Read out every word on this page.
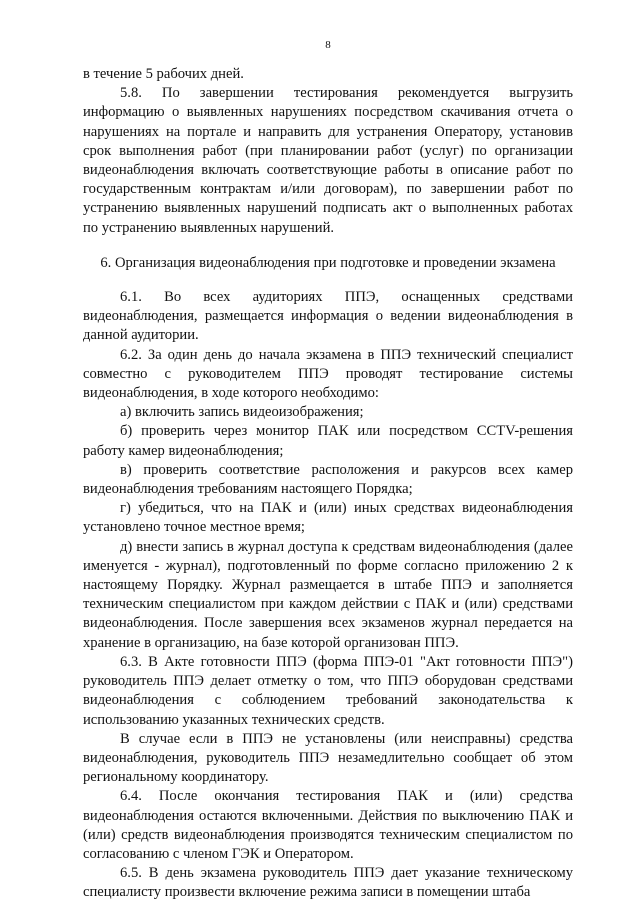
8

в течение 5 рабочих дней.

5.8. По завершении тестирования рекомендуется выгрузить информацию о выявленных нарушениях посредством скачивания отчета о нарушениях на портале и направить для устранения Оператору, установив срок выполнения работ (при планировании работ (услуг) по организации видеонаблюдения включать соответствующие работы в описание работ по государственным контрактам и/или договорам), по завершении работ по устранению выявленных нарушений подписать акт о выполненных работах по устранению выявленных нарушений.

6. Организация видеонаблюдения при подготовке и проведении экзамена

6.1. Во всех аудиториях ППЭ, оснащенных средствами видеонаблюдения, размещается информация о ведении видеонаблюдения в данной аудитории.

6.2. За один день до начала экзамена в ППЭ технический специалист совместно с руководителем ППЭ проводят тестирование системы видеонаблюдения, в ходе которого необходимо:

а) включить запись видеоизображения;

б) проверить через монитор ПАК или посредством CCTV-решения работу камер видеонаблюдения;

в) проверить соответствие расположения и ракурсов всех камер видеонаблюдения требованиям настоящего Порядка;

г) убедиться, что на ПАК и (или) иных средствах видеонаблюдения установлено точное местное время;

д) внести запись в журнал доступа к средствам видеонаблюдения (далее именуется - журнал), подготовленный по форме согласно приложению 2 к настоящему Порядку. Журнал размещается в штабе ППЭ и заполняется техническим специалистом при каждом действии с ПАК и (или) средствами видеонаблюдения. После завершения всех экзаменов журнал передается на хранение в организацию, на базе которой организован ППЭ.

6.3. В Акте готовности ППЭ (форма ППЭ-01 "Акт готовности ППЭ") руководитель ППЭ делает отметку о том, что ППЭ оборудован средствами видеонаблюдения с соблюдением требований законодательства к использованию указанных технических средств.

В случае если в ППЭ не установлены (или неисправны) средства видеонаблюдения, руководитель ППЭ незамедлительно сообщает об этом региональному координатору.

6.4. После окончания тестирования ПАК и (или) средства видеонаблюдения остаются включенными. Действия по выключению ПАК и (или) средств видеонаблюдения производятся техническим специалистом по согласованию с членом ГЭК и Оператором.

6.5. В день экзамена руководитель ППЭ дает указание техническому специалисту произвести включение режима записи в помещении штаба
